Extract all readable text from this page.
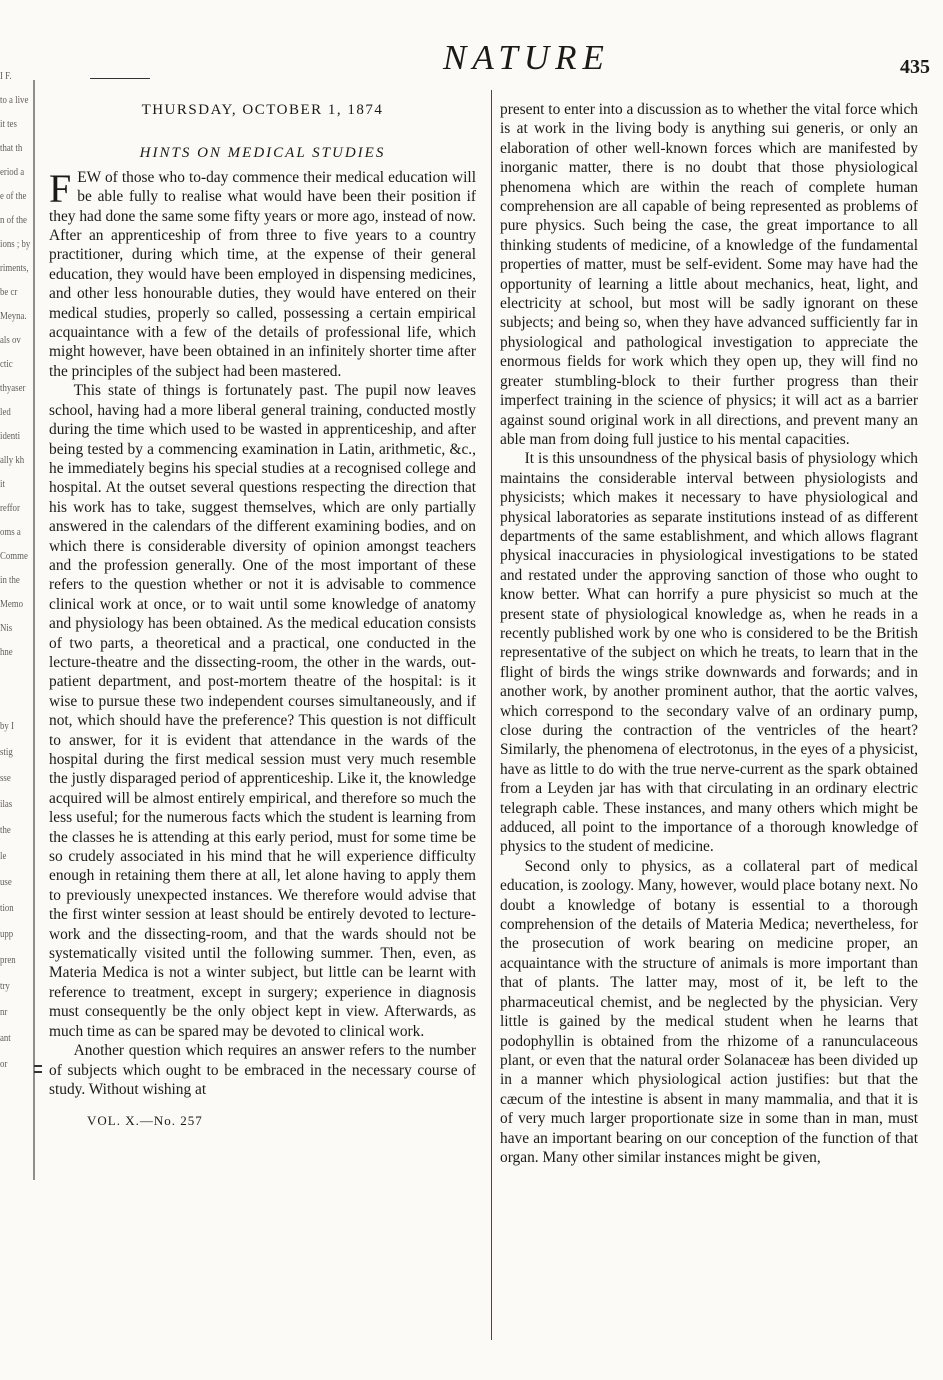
I F.
to a live
it tes
that th
eriod a
e of the
n of the
ions ; by
riments,
be cr
Meyna.
als ov
ctic
thyaser
led
identi
ally kh
it
reffor
oms a
Comme
in the
Memo
Nis
hne
by I
stig
sse
ilas
the
le
use
tion
upp
pren
try
nr
ant
or
NATURE	435
THURSDAY, OCTOBER 1, 1874
HINTS ON MEDICAL STUDIES

FEW of those who to-day commence their medical education will be able fully to realise what would have been their position if they had done the same some fifty years or more ago, instead of now. After an apprenticeship of from three to five years to a country practitioner, during which time, at the expense of their general education, they would have been employed in dispensing medicines, and other less honourable duties, they would have entered on their medical studies, properly so called, possessing a certain empirical acquaintance with a few of the details of professional life, which might however, have been obtained in an infinitely shorter time after the principles of the subject had been mastered.

This state of things is fortunately past. The pupil now leaves school, having had a more liberal general training, conducted mostly during the time which used to be wasted in apprenticeship, and after being tested by a commencing examination in Latin, arithmetic, &c., he immediately begins his special studies at a recognised college and hospital. At the outset several questions respecting the direction that his work has to take, suggest themselves, which are only partially answered in the calendars of the different examining bodies, and on which there is considerable diversity of opinion amongst teachers and the profession generally. One of the most important of these refers to the question whether or not it is advisable to commence clinical work at once, or to wait until some knowledge of anatomy and physiology has been obtained. As the medical education consists of two parts, a theoretical and a practical, one conducted in the lecture-theatre and the dissecting-room, the other in the wards, out-patient department, and post-mortem theatre of the hospital: is it wise to pursue these two independent courses simultaneously, and if not, which should have the preference? This question is not difficult to answer, for it is evident that attendance in the wards of the hospital during the first medical session must very much resemble the justly disparaged period of apprenticeship. Like it, the knowledge acquired will be almost entirely empirical, and therefore so much the less useful; for the numerous facts which the student is learning from the classes he is attending at this early period, must for some time be so crudely associated in his mind that he will experience difficulty enough in retaining them there at all, let alone having to apply them to previously unexpected instances. We therefore would advise that the first winter session at least should be entirely devoted to lecture-work and the dissecting-room, and that the wards should not be systematically visited until the following summer. Then, even, as Materia Medica is not a winter subject, but little can be learnt with reference to treatment, except in surgery; experience in diagnosis must consequently be the only object kept in view. Afterwards, as much time as can be spared may be devoted to clinical work.

Another question which requires an answer refers to the number of subjects which ought to be embraced in the necessary course of study. Without wishing at

VOL. X.—No. 257

present to enter into a discussion as to whether the vital force which is at work in the living body is anything sui generis, or only an elaboration of other well-known forces which are manifested by inorganic matter, there is no doubt that those physiological phenomena which are within the reach of complete human comprehension are all capable of being represented as problems of pure physics. Such being the case, the great importance to all thinking students of medicine, of a knowledge of the fundamental properties of matter, must be self-evident. Some may have had the opportunity of learning a little about mechanics, heat, light, and electricity at school, but most will be sadly ignorant on these subjects; and being so, when they have advanced sufficiently far in physiological and pathological investigation to appreciate the enormous fields for work which they open up, they will find no greater stumbling-block to their further progress than their imperfect training in the science of physics; it will act as a barrier against sound original work in all directions, and prevent many an able man from doing full justice to his mental capacities.

It is this unsoundness of the physical basis of physiology which maintains the considerable interval between physiologists and physicists; which makes it necessary to have physiological and physical laboratories as separate institutions instead of as different departments of the same establishment, and which allows flagrant physical inaccuracies in physiological investigations to be stated and restated under the approving sanction of those who ought to know better. What can horrify a pure physicist so much at the present state of physiological knowledge as, when he reads in a recently published work by one who is considered to be the British representative of the subject on which he treats, to learn that in the flight of birds the wings strike downwards and forwards; and in another work, by another prominent author, that the aortic valves, which correspond to the secondary valve of an ordinary pump, close during the contraction of the ventricles of the heart? Similarly, the phenomena of electrotonus, in the eyes of a physicist, have as little to do with the true nerve-current as the spark obtained from a Leyden jar has with that circulating in an ordinary electric telegraph cable. These instances, and many others which might be adduced, all point to the importance of a thorough knowledge of physics to the student of medicine.

Second only to physics, as a collateral part of medical education, is zoology. Many, however, would place botany next. No doubt a knowledge of botany is essential to a thorough comprehension of the details of Materia Medica; nevertheless, for the prosecution of work bearing on medicine proper, an acquaintance with the structure of animals is more important than that of plants. The latter may, most of it, be left to the pharmaceutical chemist, and be neglected by the physician. Very little is gained by the medical student when he learns that podophyllin is obtained from the rhizome of a ranunculaceous plant, or even that the natural order Solanaceæ has been divided up in a manner which physiological action justifies: but that the cæcum of the intestine is absent in many mammalia, and that it is of very much larger proportionate size in some than in man, must have an important bearing on our conception of the function of that organ. Many other similar instances might be given,
